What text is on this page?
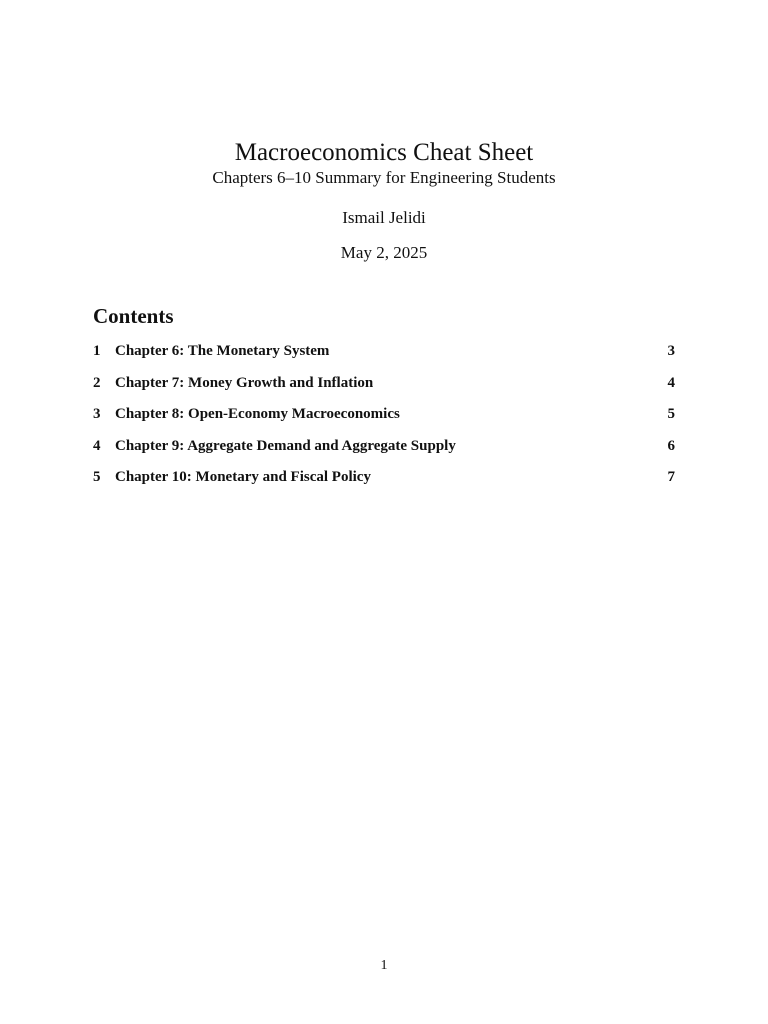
Macroeconomics Cheat Sheet
Chapters 6–10 Summary for Engineering Students
Ismail Jelidi
May 2, 2025
Contents
1 Chapter 6: The Monetary System	3
2 Chapter 7: Money Growth and Inflation	4
3 Chapter 8: Open-Economy Macroeconomics	5
4 Chapter 9: Aggregate Demand and Aggregate Supply	6
5 Chapter 10: Monetary and Fiscal Policy	7
1
